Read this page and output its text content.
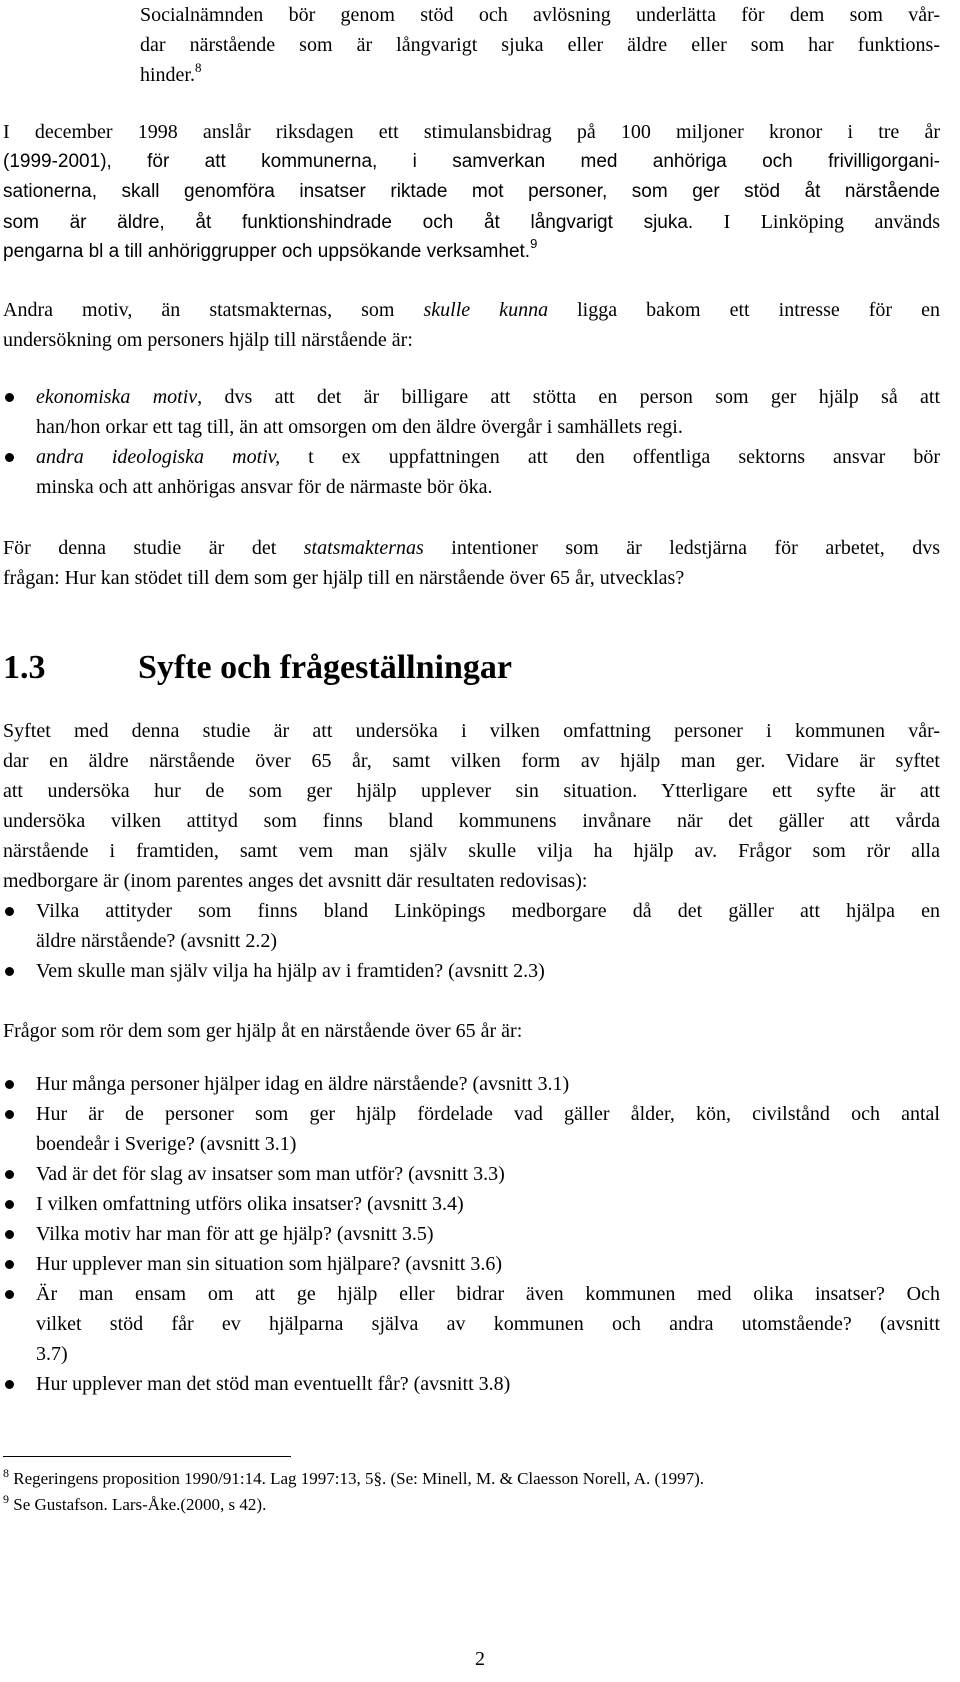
Socialnämnden bör genom stöd och avlösning underlätta för dem som vår-
dar närstående som är långvarigt sjuka eller äldre eller som har funktions-
hinder.$^8$
I december 1998 anslår riksdagen ett stimulansbidrag på 100 miljoner kronor i tre år
(1999-2001), för att kommunerna, i samverkan med anhöriga och frivilligorgani-
sationerna, skall genomföra insatser riktade mot personer, som ger stöd åt närstående
som är äldre, åt funktionshindrade och åt långvarigt sjuka. I Linköping används
pengarna bl a till anhöriggrupper och uppsökande verksamhet.$^9$
Andra motiv, än statsmakternas, som skulle kunna ligga bakom ett intresse för en
undersökning om personers hjälp till närstående är:
ekonomiska motiv, dvs att det är billigare att stötta en person som ger hjälp så att
han/hon orkar ett tag till, än att omsorgen om den äldre övergår i samhällets regi.
andra ideologiska motiv, t ex uppfattningen att den offentliga sektorns ansvar bör
minska och att anhörigas ansvar för de närmaste bör öka.
För denna studie är det statsmakternas intentioner som är ledstjärna för arbetet, dvs
frågan: Hur kan stödet till dem som ger hjälp till en närstående över 65 år, utvecklas?
1.3	Syfte och frågeställningar
Syftet med denna studie är att undersöka i vilken omfattning personer i kommunen vår-
dar en äldre närstående över 65 år, samt vilken form av hjälp man ger. Vidare är syftet
att undersöka hur de som ger hjälp upplever sin situation. Ytterligare ett syfte är att
undersöka vilken attityd som finns bland kommunens invånare när det gäller att vårda
närstående i framtiden, samt vem man själv skulle vilja ha hjälp av. Frågor som rör alla
medborgare är (inom parentes anges det avsnitt där resultaten redovisas):
Vilka attityder som finns bland Linköpings medborgare då det gäller att hjälpa en
äldre närstående? (avsnitt 2.2)
Vem skulle man själv vilja ha hjälp av i framtiden? (avsnitt 2.3)
Frågor som rör dem som ger hjälp åt en närstående över 65 år är:
Hur många personer hjälper idag en äldre närstående? (avsnitt 3.1)
Hur är de personer som ger hjälp fördelade vad gäller ålder, kön, civilstånd och antal
boendeår i Sverige? (avsnitt 3.1)
Vad är det för slag av insatser som man utför? (avsnitt 3.3)
I vilken omfattning utförs olika insatser? (avsnitt 3.4)
Vilka motiv har man för att ge hjälp? (avsnitt 3.5)
Hur upplever man sin situation som hjälpare? (avsnitt 3.6)
Är man ensam om att ge hjälp eller bidrar även kommunen med olika insatser? Och
vilket stöd får ev hjälparna själva av kommunen och andra utomstående? (avsnitt
3.7)
Hur upplever man det stöd man eventuellt får? (avsnitt 3.8)
$^8$ Regeringens proposition 1990/91:14. Lag 1997:13, 5§. (Se: Minell, M. & Claesson Norell, A. (1997).
$^9$ Se Gustafson. Lars-Åke.(2000, s 42).
2
